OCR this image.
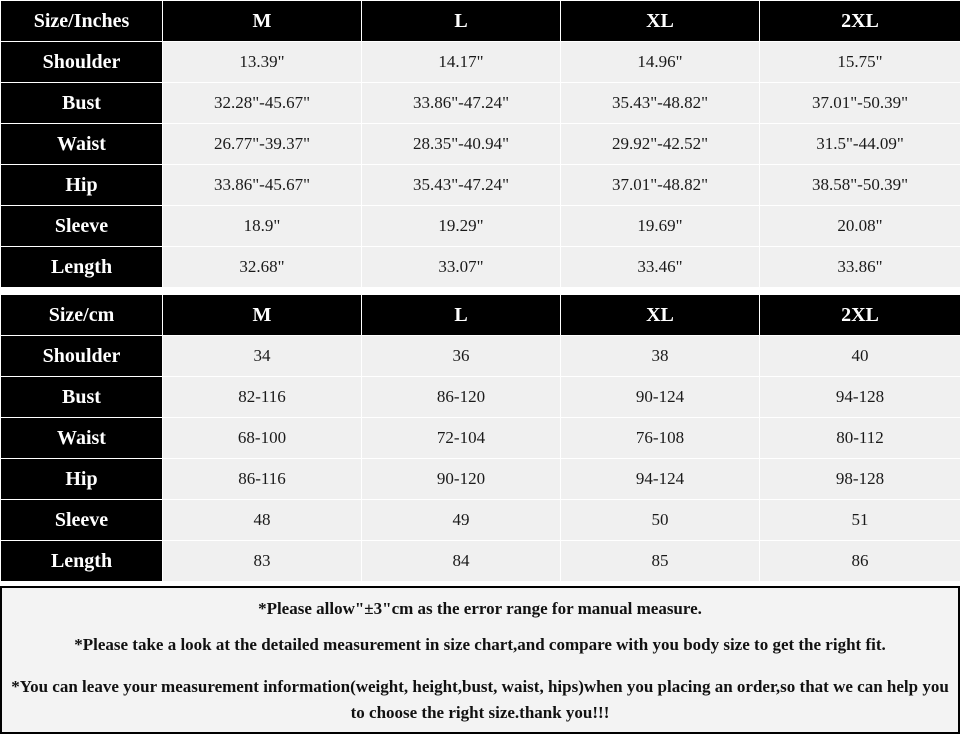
Size/Inches	M	L	XL	2XL
Shoulder	13.39"	14.17"	14.96"	15.75"
Bust	32.28"-45.67"	33.86"-47.24"	35.43"-48.82"	37.01"-50.39"
Waist	26.77"-39.37"	28.35"-40.94"	29.92"-42.52"	31.5"-44.09"
Hip	33.86"-45.67"	35.43"-47.24"	37.01"-48.82"	38.58"-50.39"
Sleeve	18.9"	19.29"	19.69"	20.08"
Length	32.68"	33.07"	33.46"	33.86"
Size/cm	M	L	XL	2XL
Shoulder	34	36	38	40
Bust	82-116	86-120	90-124	94-128
Waist	68-100	72-104	76-108	80-112
Hip	86-116	90-120	94-124	98-128
Sleeve	48	49	50	51
Length	83	84	85	86
*Please allow"±3"cm as the error range for manual measure.
*Please take a look at the detailed measurement in size chart,and compare with you body size to get the right fit.
*You can leave your measurement information(weight, height,bust, waist, hips)when you placing an order,so that we can help you to choose the right size.thank you!!!
